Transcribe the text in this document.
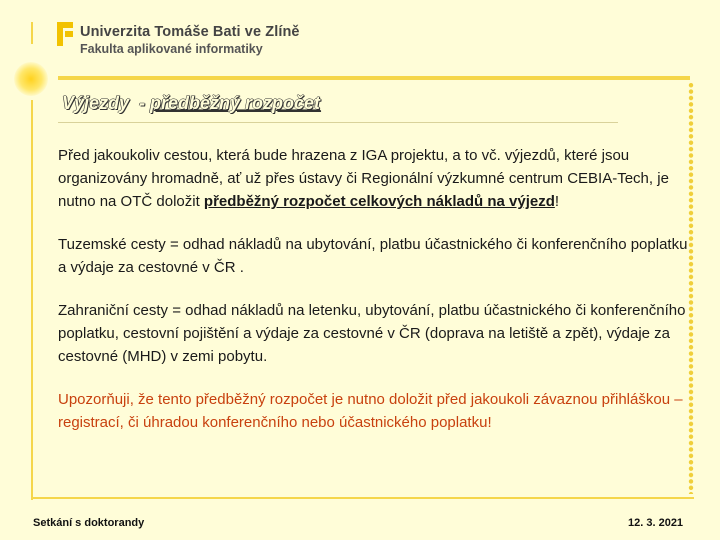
Univerzita Tomáše Bati ve Zlíně
Fakulta aplikované informatiky
Výjezdy  - předběžný rozpočet

Před jakoukoliv cestou, která bude hrazena z IGA projektu, a to vč. výjezdů, které jsou organizovány hromadně, ať už přes ústavy či Regionální výzkumné centrum CEBIA-Tech, je nutno na OTČ doložit předběžný rozpočet celkových nákladů na výjezd!

Tuzemské cesty = odhad nákladů na ubytování, platbu účastnického či konferenčního poplatku a výdaje za cestovné v ČR .

Zahraniční cesty = odhad nákladů na letenku, ubytování, platbu účastnického či konferenčního poplatku, cestovní pojištění a výdaje za cestovné v ČR (doprava na letiště a zpět), výdaje za cestovné (MHD) v zemi pobytu.

Upozorňuji, že tento předběžný rozpočet je nutno doložit před jakoukoli závaznou přihláškou – registrací, či úhradou konferenčního nebo účastnického poplatku!

Setkání s doktorandy	12. 3. 2021
